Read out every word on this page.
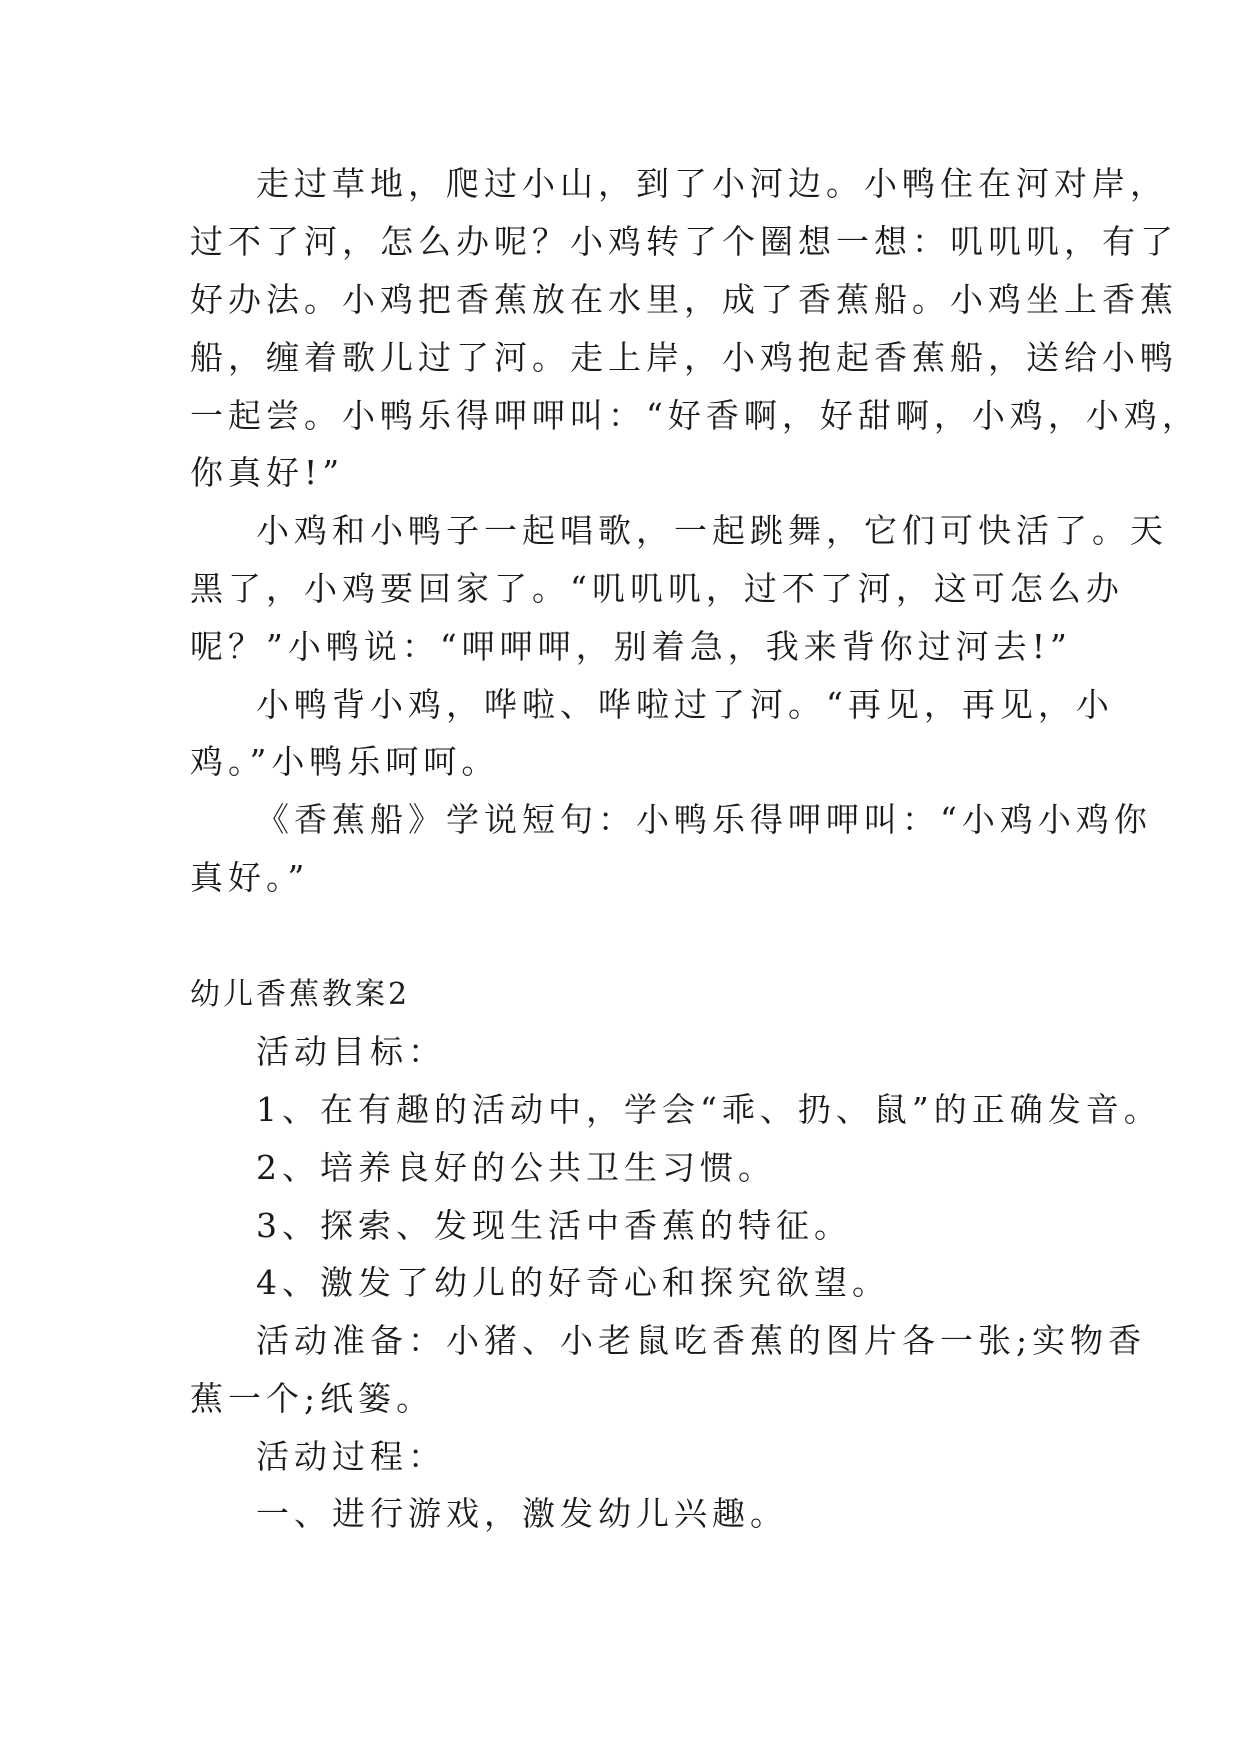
走过草地，爬过小山，到了小河边。小鸭住在河对岸，
过不了河，怎么办呢？小鸡转了个圈想一想：叽叽叽，有了
好办法。小鸡把香蕉放在水里，成了香蕉船。小鸡坐上香蕉
船，缠着歌儿过了河。走上岸，小鸡抱起香蕉船，送给小鸭
一起尝。小鸭乐得呷呷叫：“好香啊，好甜啊，小鸡，小鸡，
你真好!”
小鸡和小鸭子一起唱歌，一起跳舞，它们可快活了。天
黑了，小鸡要回家了。“叽叽叽，过不了河，这可怎么办
呢？”小鸭说：“呷呷呷，别着急，我来背你过河去!”
小鸭背小鸡，哗啦、哗啦过了河。“再见，再见，小
鸡。”小鸭乐呵呵。
《香蕉船》学说短句：小鸭乐得呷呷叫：“小鸡小鸡你
真好。”
幼儿香蕉教案2
活动目标：
1、在有趣的活动中，学会“乖、扔、鼠”的正确发音。
2、培养良好的公共卫生习惯。
3、探索、发现生活中香蕉的特征。
4、激发了幼儿的好奇心和探究欲望。
活动准备：小猪、小老鼠吃香蕉的图片各一张;实物香
蕉一个;纸篓。
活动过程：
一、进行游戏，激发幼儿兴趣。
